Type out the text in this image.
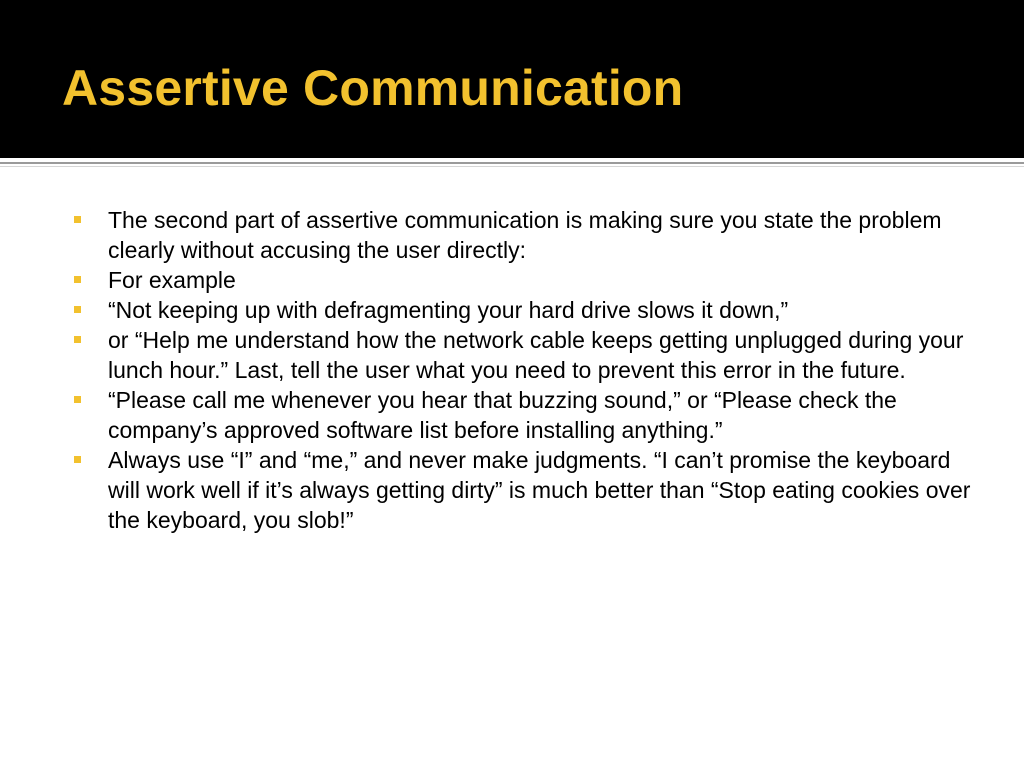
Assertive Communication
The second part of assertive communication is making sure you state the problem clearly without accusing the user directly:
For example
“Not keeping up with defragmenting your hard drive slows it down,”
or “Help me understand how the network cable keeps getting unplugged during your lunch hour.” Last, tell the user what you need to prevent this error in the future.
“Please call me whenever you hear that buzzing sound,” or “Please check the company’s approved software list before installing anything.”
Always use “I” and “me,” and never make judgments. “I can’t promise the keyboard will work well if it’s always getting dirty” is much better than “Stop eating cookies over the keyboard, you slob!”
